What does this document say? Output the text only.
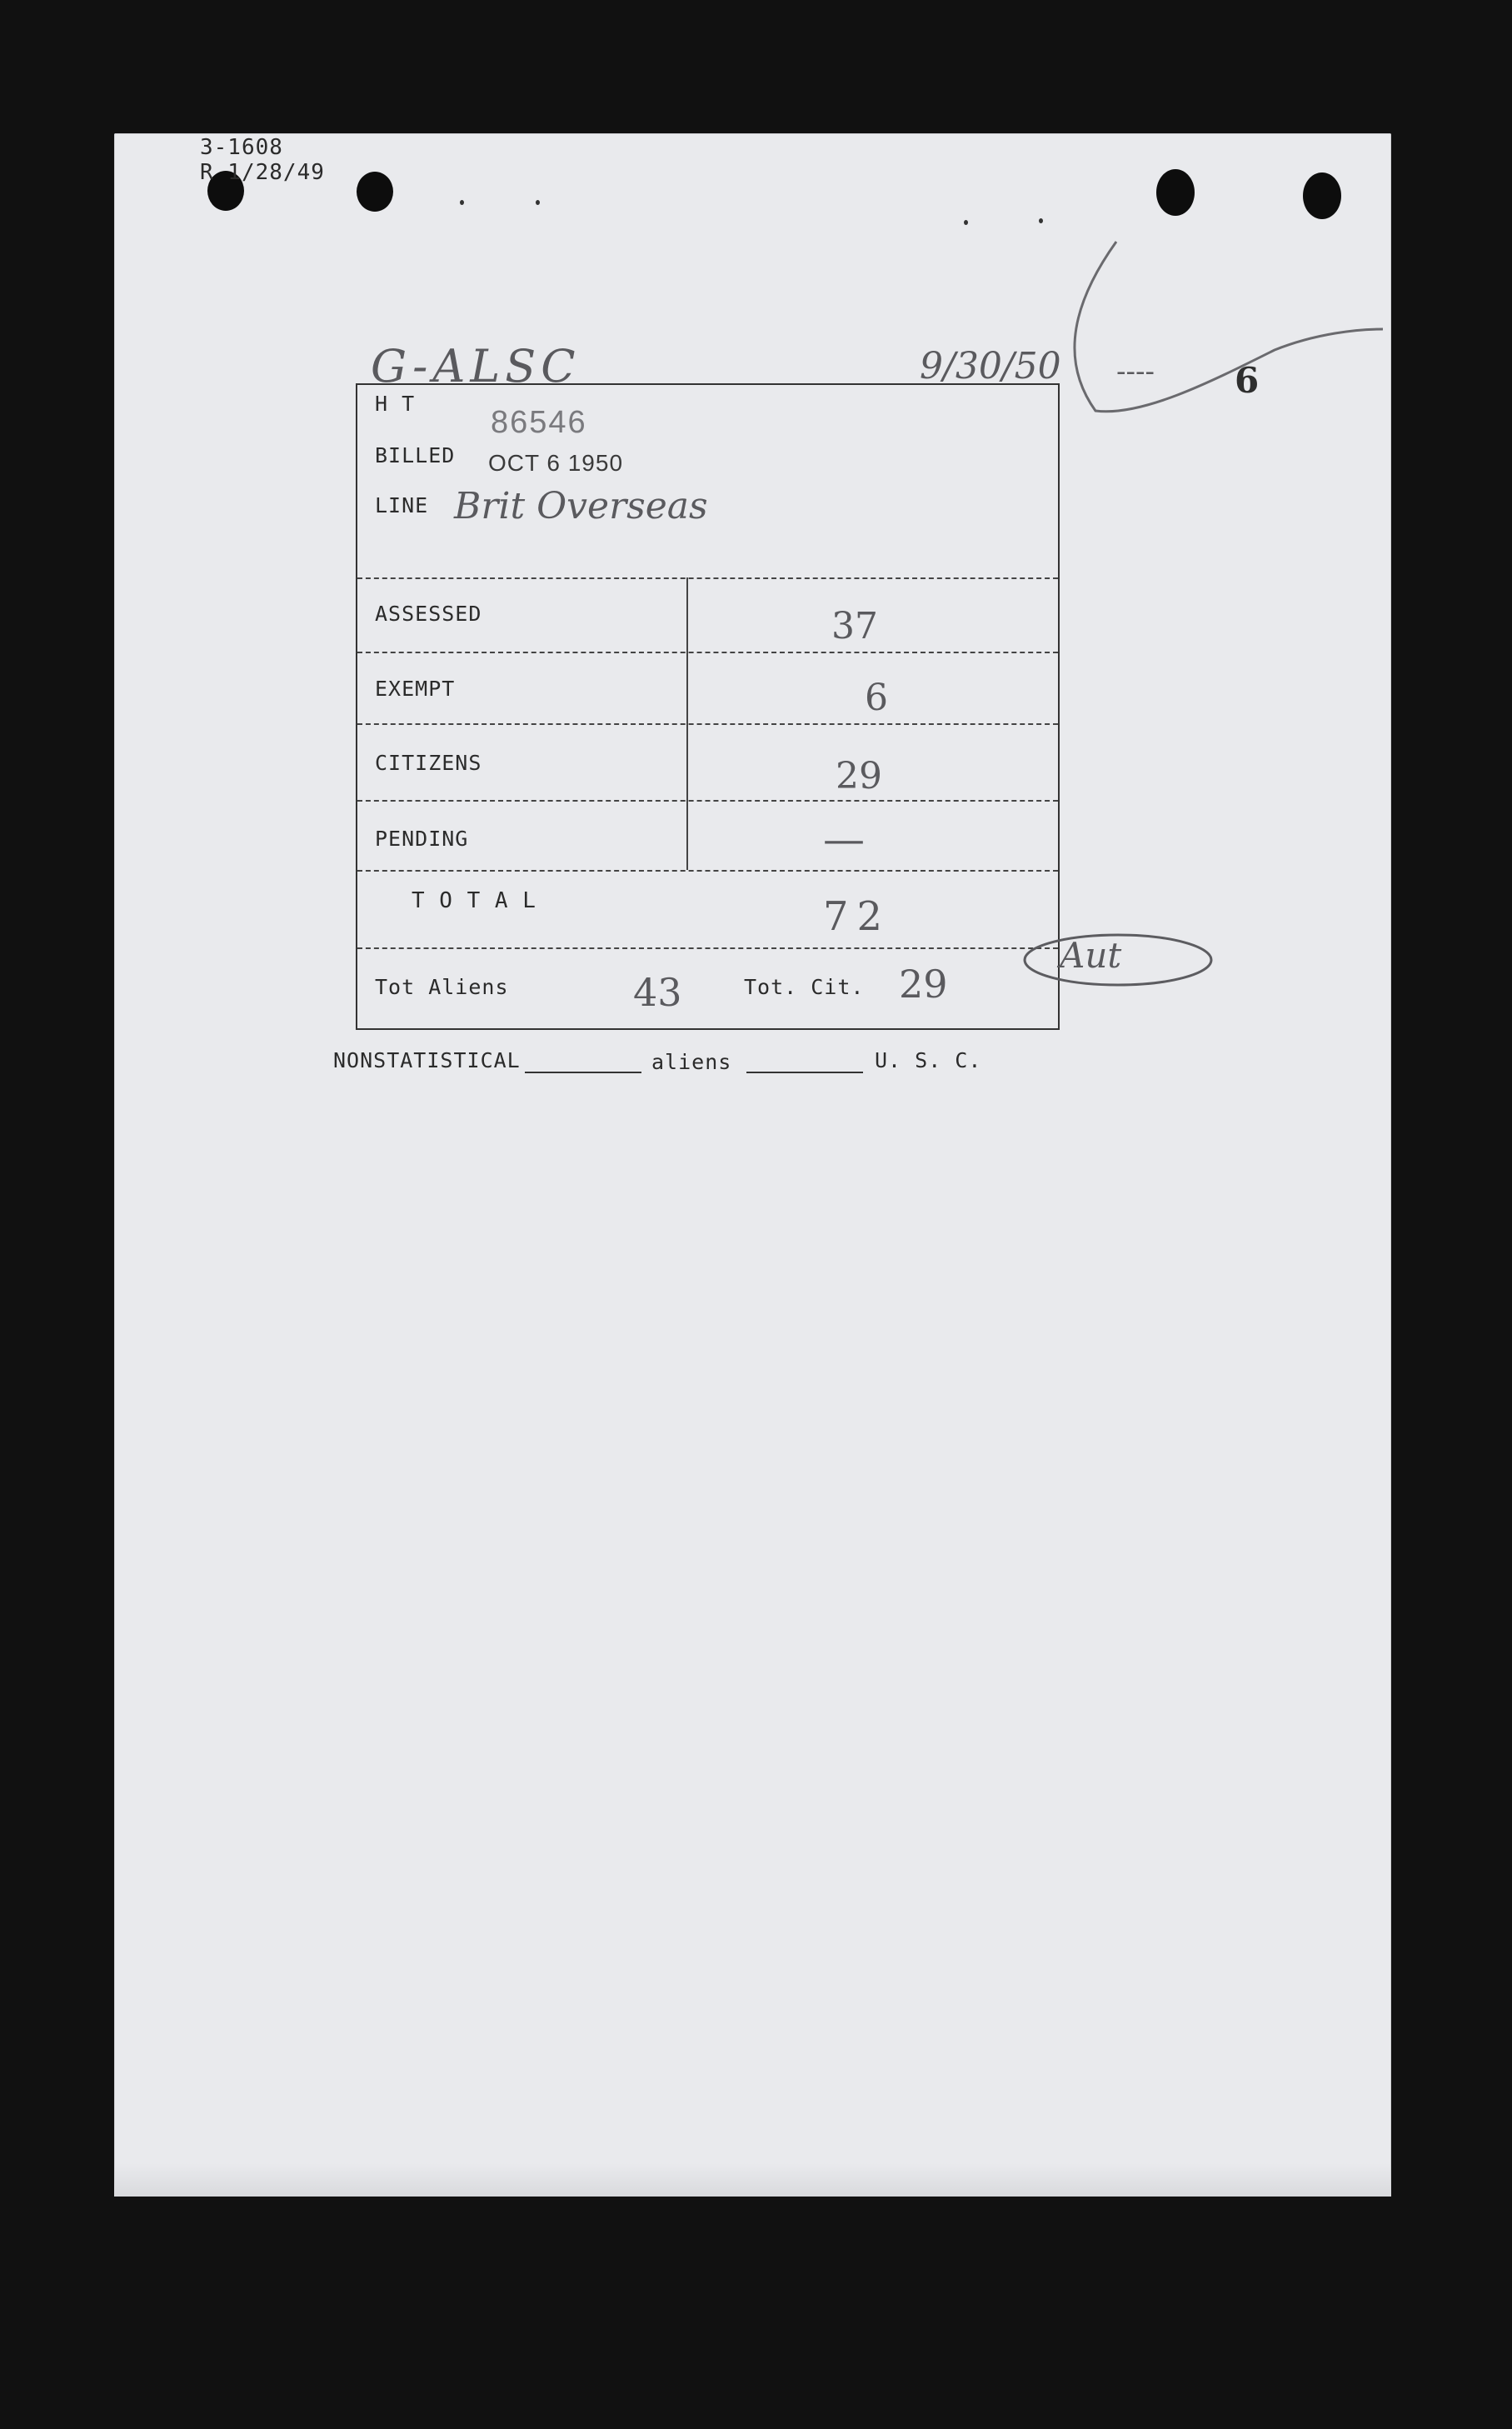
3-1608
R 1/28/49
G-ALSC	9/30/50 ---- 6
H T
86546
BILLED OCT 6 1950
LINE Brit Overseas
ASSESSED	37
EXEMPT	6
CITIZENS	29
PENDING	—
T O T A L	72
Tot Aliens	43	Tot. Cit. 29
Aut
NONSTATISTICAL	aliens	U. S. C.
